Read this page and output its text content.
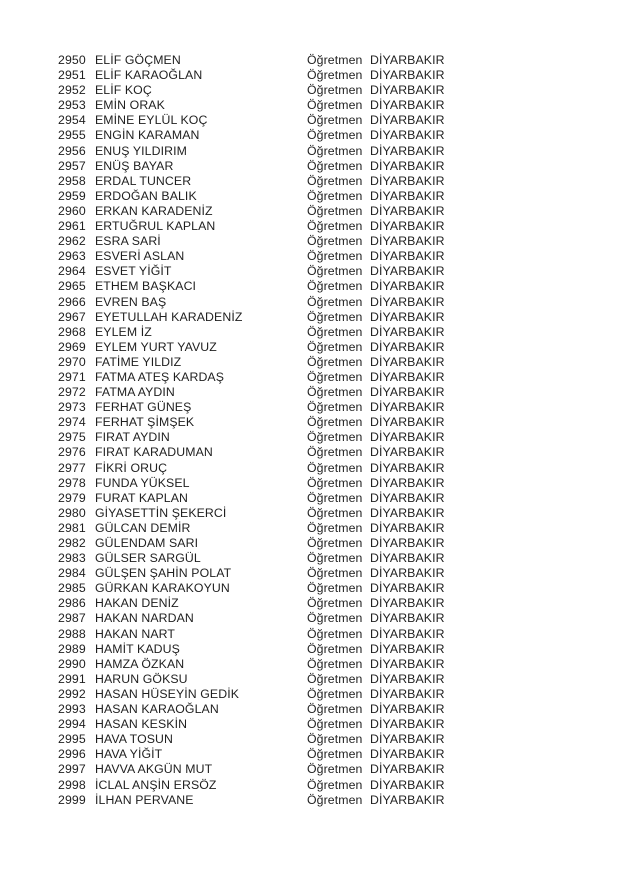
2950 ELİF GÖÇMEN	Öğretmen DİYARBAKIR
2951 ELİF KARAOĞLAN	Öğretmen DİYARBAKIR
2952 ELİF KOÇ	Öğretmen DİYARBAKIR
2953 EMİN ORAK	Öğretmen DİYARBAKIR
2954 EMİNE EYLÜL KOÇ	Öğretmen DİYARBAKIR
2955 ENGİN KARAMAN	Öğretmen DİYARBAKIR
2956 ENUŞ YILDIRIM	Öğretmen DİYARBAKIR
2957 ENÜŞ BAYAR	Öğretmen DİYARBAKIR
2958 ERDAL TUNCER	Öğretmen DİYARBAKIR
2959 ERDOĞAN BALIK	Öğretmen DİYARBAKIR
2960 ERKAN KARADENİZ	Öğretmen DİYARBAKIR
2961 ERTUĞRUL KAPLAN	Öğretmen DİYARBAKIR
2962 ESRA SARİ	Öğretmen DİYARBAKIR
2963 ESVERİ ASLAN	Öğretmen DİYARBAKIR
2964 ESVET YİĞİT	Öğretmen DİYARBAKIR
2965 ETHEM BAŞKACI	Öğretmen DİYARBAKIR
2966 EVREN BAŞ	Öğretmen DİYARBAKIR
2967 EYETULLAH KARADENİZ	Öğretmen DİYARBAKIR
2968 EYLEM İZ	Öğretmen DİYARBAKIR
2969 EYLEM YURT YAVUZ	Öğretmen DİYARBAKIR
2970 FATİME YILDIZ	Öğretmen DİYARBAKIR
2971 FATMA ATEŞ KARDAŞ	Öğretmen DİYARBAKIR
2972 FATMA AYDIN	Öğretmen DİYARBAKIR
2973 FERHAT GÜNEŞ	Öğretmen DİYARBAKIR
2974 FERHAT ŞİMŞEK	Öğretmen DİYARBAKIR
2975 FIRAT AYDIN	Öğretmen DİYARBAKIR
2976 FIRAT KARADUMAN	Öğretmen DİYARBAKIR
2977 FİKRİ ORUÇ	Öğretmen DİYARBAKIR
2978 FUNDA YÜKSEL	Öğretmen DİYARBAKIR
2979 FURAT KAPLAN	Öğretmen DİYARBAKIR
2980 GİYASETTİN ŞEKERCİ	Öğretmen DİYARBAKIR
2981 GÜLCAN DEMİR	Öğretmen DİYARBAKIR
2982 GÜLENDAM SARI	Öğretmen DİYARBAKIR
2983 GÜLSER SARGÜL	Öğretmen DİYARBAKIR
2984 GÜLŞEN ŞAHİN POLAT	Öğretmen DİYARBAKIR
2985 GÜRKAN KARAKOYUN	Öğretmen DİYARBAKIR
2986 HAKAN DENİZ	Öğretmen DİYARBAKIR
2987 HAKAN NARDAN	Öğretmen DİYARBAKIR
2988 HAKAN NART	Öğretmen DİYARBAKIR
2989 HAMİT KADUŞ	Öğretmen DİYARBAKIR
2990 HAMZA ÖZKAN	Öğretmen DİYARBAKIR
2991 HARUN GÖKSU	Öğretmen DİYARBAKIR
2992 HASAN HÜSEYİN GEDİK	Öğretmen DİYARBAKIR
2993 HASAN KARAOĞLAN	Öğretmen DİYARBAKIR
2994 HASAN KESKİN	Öğretmen DİYARBAKIR
2995 HAVA TOSUN	Öğretmen DİYARBAKIR
2996 HAVA YİĞİT	Öğretmen DİYARBAKIR
2997 HAVVA AKGÜN MUT	Öğretmen DİYARBAKIR
2998 İCLAL ANŞİN ERSÖZ	Öğretmen DİYARBAKIR
2999 İLHAN PERVANE	Öğretmen DİYARBAKIR
